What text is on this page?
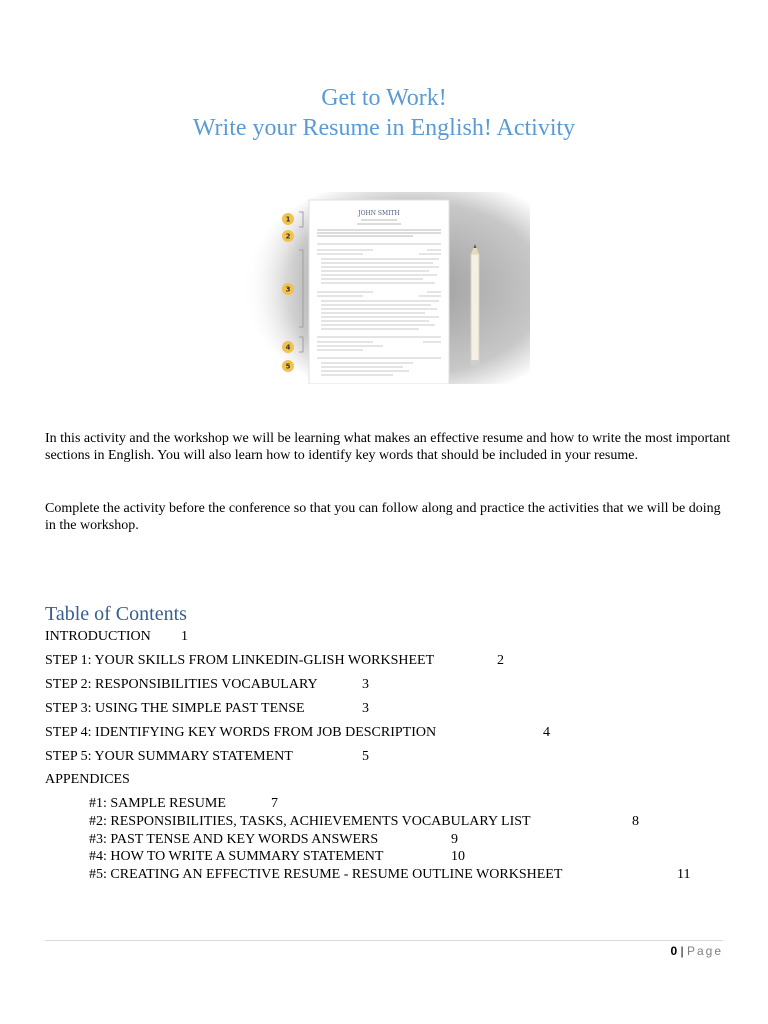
Get to Work!
Write your Resume in English! Activity
JOHN SMITH
1
2
3
4
5

In this activity and the workshop we will be learning what makes an effective resume and how to write the most important sections in English. You will also learn how to identify key words that should be included in your resume.

Complete the activity before the conference so that you can follow along and practice the activities that we will be doing in the workshop.

Table of Contents
INTRODUCTION 1
STEP 1: YOUR SKILLS FROM LINKEDIN-GLISH WORKSHEET	2
STEP 2: RESPONSIBILITIES VOCABULARY	3
STEP 3: USING THE SIMPLE PAST TENSE	3
STEP 4: IDENTIFYING KEY WORDS FROM JOB DESCRIPTION	4
STEP 5: YOUR SUMMARY STATEMENT	5
APPENDICES
#1: SAMPLE RESUME	7
#2: RESPONSIBILITIES, TASKS, ACHIEVEMENTS VOCABULARY LIST	8
#3: PAST TENSE AND KEY WORDS ANSWERS	9
#4: HOW TO WRITE A SUMMARY STATEMENT	10
#5: CREATING AN EFFECTIVE RESUME - RESUME OUTLINE WORKSHEET	11
0 | Page
